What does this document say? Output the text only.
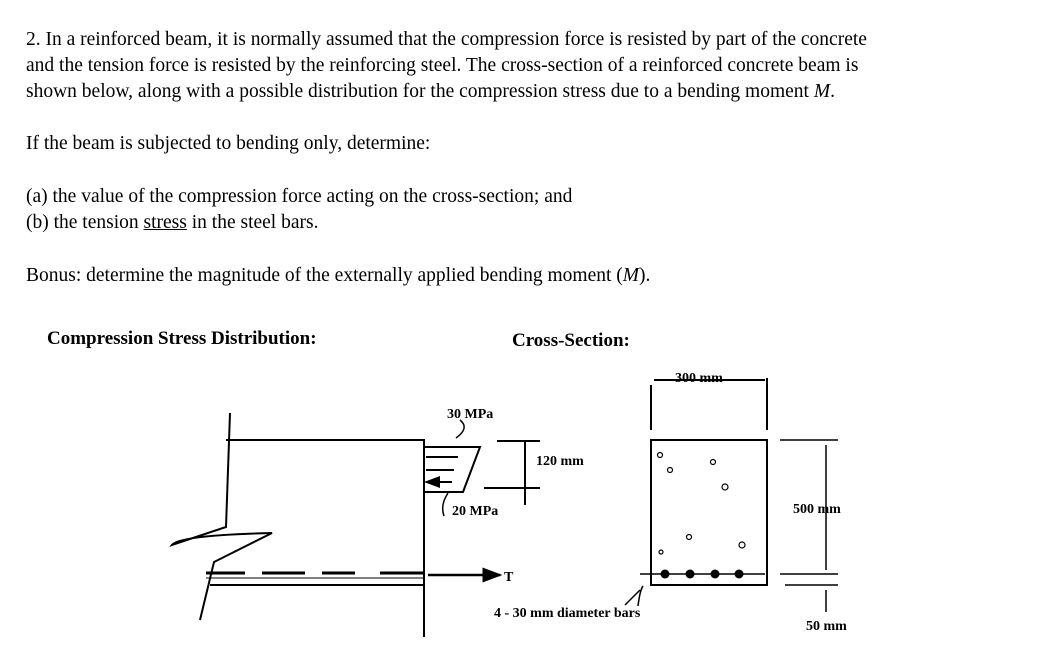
2. In a reinforced beam, it is normally assumed that the compression force is resisted by part of the concrete

and the tension force is resisted by the reinforcing steel. The cross-section of a reinforced concrete beam is

shown below, along with a possible distribution for the compression stress due to a bending moment M.

If the beam is subjected to bending only, determine:

(a) the value of the compression force acting on the cross-section; and

(b) the tension stress in the steel bars.

Bonus: determine the magnitude of the externally applied bending moment (M).

Compression Stress Distribution:	Cross-Section:
30 MPa
20 MPa
120 mm
T
300 mm
500 mm
50 mm
4 - 30 mm diameter bars
